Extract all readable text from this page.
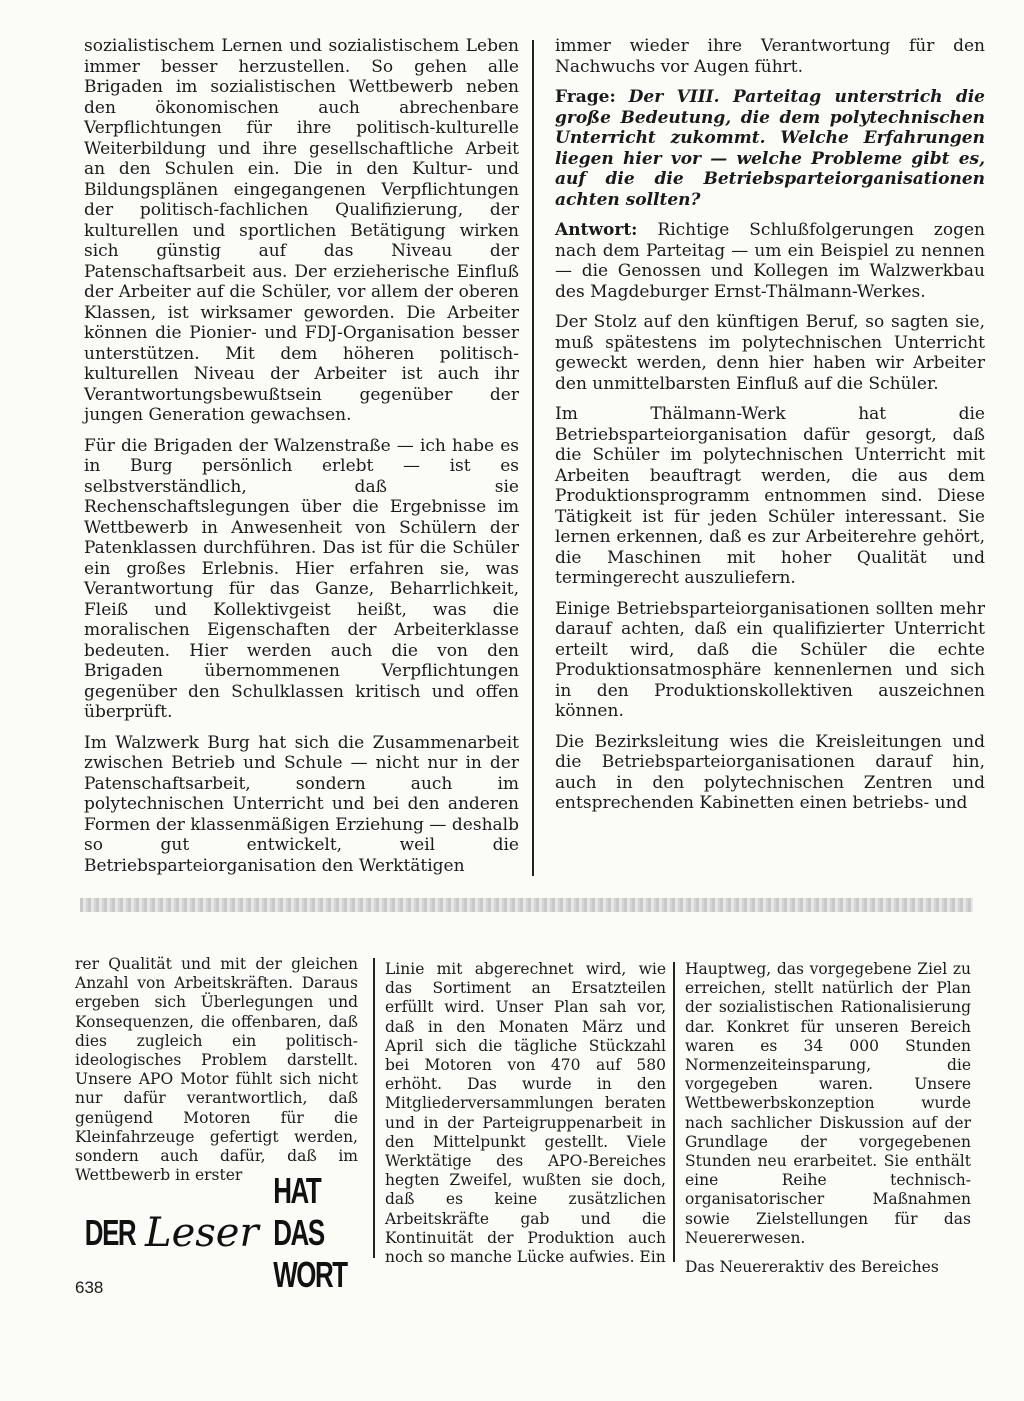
sozialistischem Lernen und sozialistischem Leben immer besser herzustellen. So gehen alle Brigaden im sozialistischen Wettbewerb neben den ökonomischen auch abrechenbare Verpflichtungen für ihre politisch-kulturelle Weiterbildung und ihre gesellschaftliche Arbeit an den Schulen ein. Die in den Kultur- und Bildungsplänen eingegangenen Verpflichtungen der politisch-fachlichen Qualifizierung, der kulturellen und sportlichen Betätigung wirken sich günstig auf das Niveau der Patenschaftsarbeit aus. Der erzieherische Einfluß der Arbeiter auf die Schüler, vor allem der oberen Klassen, ist wirksamer geworden. Die Arbeiter können die Pionier- und FDJ-Organisation besser unterstützen. Mit dem höheren politisch-kulturellen Niveau der Arbeiter ist auch ihr Verantwortungsbewußtsein gegenüber der jungen Generation gewachsen.

Für die Brigaden der Walzenstraße — ich habe es in Burg persönlich erlebt — ist es selbstverständlich, daß sie Rechenschaftslegungen über die Ergebnisse im Wettbewerb in Anwesenheit von Schülern der Patenklassen durchführen. Das ist für die Schüler ein großes Erlebnis. Hier erfahren sie, was Verantwortung für das Ganze, Beharrlichkeit, Fleiß und Kollektivgeist heißt, was die moralischen Eigenschaften der Arbeiterklasse bedeuten. Hier werden auch die von den Brigaden übernommenen Verpflichtungen gegenüber den Schulklassen kritisch und offen überprüft.

Im Walzwerk Burg hat sich die Zusammenarbeit zwischen Betrieb und Schule — nicht nur in der Patenschaftsarbeit, sondern auch im polytechnischen Unterricht und bei den anderen Formen der klassenmäßigen Erziehung — deshalb so gut entwickelt, weil die Betriebsparteiorganisation den Werktätigen

immer wieder ihre Verantwortung für den Nachwuchs vor Augen führt.

Frage: Der VIII. Parteitag unterstrich die große Bedeutung, die dem polytechnischen Unterricht zukommt. Welche Erfahrungen liegen hier vor — welche Probleme gibt es, auf die die Betriebsparteiorganisationen achten sollten?

Antwort: Richtige Schlußfolgerungen zogen nach dem Parteitag — um ein Beispiel zu nennen — die Genossen und Kollegen im Walzwerkbau des Magdeburger Ernst-Thälmann-Werkes.

Der Stolz auf den künftigen Beruf, so sagten sie, muß spätestens im polytechnischen Unterricht geweckt werden, denn hier haben wir Arbeiter den unmittelbarsten Einfluß auf die Schüler.

Im Thälmann-Werk hat die Betriebsparteiorganisation dafür gesorgt, daß die Schüler im polytechnischen Unterricht mit Arbeiten beauftragt werden, die aus dem Produktionsprogramm entnommen sind. Diese Tätigkeit ist für jeden Schüler interessant. Sie lernen erkennen, daß es zur Arbeiterehre gehört, die Maschinen mit hoher Qualität und termingerecht auszuliefern.

Einige Betriebsparteiorganisationen sollten mehr darauf achten, daß ein qualifizierter Unterricht erteilt wird, daß die Schüler die echte Produktionsatmosphäre kennenlernen und sich in den Produktionskollektiven auszeichnen können.

Die Bezirksleitung wies die Kreisleitungen und die Betriebsparteiorganisationen darauf hin, auch in den polytechnischen Zentren und entsprechenden Kabinetten einen betriebs- und

rer Qualität und mit der gleichen Anzahl von Arbeitskräften. Daraus ergeben sich Überlegungen und Konsequenzen, die offenbaren, daß dies zugleich ein politisch-ideologisches Problem darstellt. Unsere APO Motor fühlt sich nicht nur dafür verantwortlich, daß genügend Motoren für die Kleinfahrzeuge gefertigt werden, sondern auch dafür, daß im Wettbewerb in erster

Linie mit abgerechnet wird, wie das Sortiment an Ersatzteilen erfüllt wird. Unser Plan sah vor, daß in den Monaten März und April sich die tägliche Stückzahl bei Motoren von 470 auf 580 erhöht. Das wurde in den Mitgliederversammlungen beraten und in der Parteigruppenarbeit in den Mittelpunkt gestellt. Viele Werktätige des APO-Bereiches hegten Zweifel, wußten sie doch, daß es keine zusätzlichen Arbeitskräfte gab und die Kontinuität der Produktion auch noch so manche Lücke aufwies. Ein

Hauptweg, das vorgegebene Ziel zu erreichen, stellt natürlich der Plan der sozialistischen Rationalisierung dar. Konkret für unseren Bereich waren es 34 000 Stunden Normenzeiteinsparung, die vorgegeben waren. Unsere Wettbewerbskonzeption wurde nach sachlicher Diskussion auf der Grundlage der vorgegebenen Stunden neu erarbeitet. Sie enthält eine Reihe technisch-organisatorischer Maßnahmen sowie Zielstellungen für das Neuererwesen.

Das Neuereraktiv des Bereiches

DER Leser
HAT DAS WORT
638
